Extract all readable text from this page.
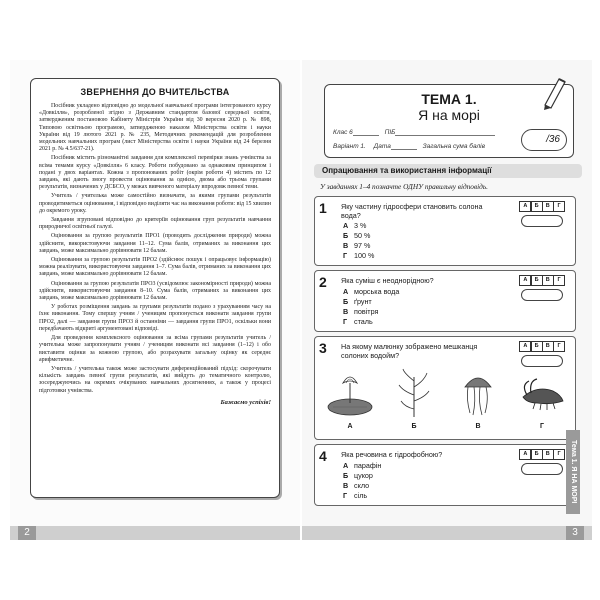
ЗВЕРНЕННЯ ДО ВЧИТЕЛЬСТВА

Посібник укладено відповідно до модельної навчальної програми інтегрованого курсу «Довкілля», розробленої згідно з Державним стандартом базової середньої освіти, затвердженим постановою Кабінету Міністрів України від 30 вересня 2020 р. № 898, Типовою освітньою програмою, затвердженою наказом Міністерства освіти і науки України від 19 лютого 2021 р. № 235, Методичних рекомендацій для розроблення модельних навчальних програм (лист Міністерства освіти і науки України від 24 березня 2021 р. № 4.5/637-21).

Посібник містить різноманітні завдання для комплексної перевірки знань учнівства за всіма темами курсу «Довкілля» 6 класу. Роботи побудовано за однаковим принципом і подані у двох варіантах. Кожна з пропонованих робіт (окрім роботи 4) містить по 12 завдань, які дають змогу провести оцінювання за однією, двома або трьома групами результатів, визначених у ДСБСО, у межах вивченого матеріалу впродовж певної теми.

Учитель / учителька може самостійно визначати, за якими групами результатів проводитиметься оцінювання, і відповідно виділяти час на виконання роботи: від 15 хвилин до окремого уроку.

Завдання згруповані відповідно до критеріїв оцінювання груп результатів навчання природничої освітньої галузі.

Оцінювання за групою результатів ПРО1 (проводить дослідження природи) можна здійснити, використовуючи завдання 11–12. Сума балів, отриманих за виконання цих завдань, може максимально дорівнювати 12 балам.

Оцінювання за групою результатів ПРО2 (здійснює пошук і опрацьовує інформацію) можна реалізувати, використовуючи завдання 1–7. Сума балів, отриманих за виконання цих завдань, може максимально дорівнювати 12 балам.

Оцінювання за групою результатів ПРО3 (усвідомлює закономірності природи) можна здійснити, використовуючи завдання 8–10. Сума балів, отриманих за виконання цих завдань, може максимально дорівнювати 12 балам.

У роботах розміщення завдань за групами результатів подано з урахуванням часу на їхнє виконання. Тому спершу учням / ученицям пропонується виконати завдання групи ПРО2, далі — завдання групи ПРО3 й останніми — завдання групи ПРО1, оскільки вони передбачають відкриті аргументовані відповіді.

Для проведення комплексного оцінювання за всіма групами результатів учитель / учителька може запропонувати учням / ученицям виконати всі завдання (1–12) і обо виставити оцінки за кожною групою, або розрахувати загальну оцінку як середнє арифметичне.

Учитель / учителька також може застосувати диференційований підхід: скорочувати кількість завдань певної групи результатів, які вийдуть до тематичного контролю, зосереджуючись на окремих очікуваних навчальних досягненнях, а також у процесі підготовки учнівства.

Бажаємо успіхів!
2
ТЕМА 1.
Я на морі
Клас 6	ПІБ
Варіант 1. Дата	Загальна сума балів
/36
Опрацювання та використання інформації
У завданнях 1–4 позначте ОДНУ правильну відповідь.
1 Яку частину гідросфери становить солона вода?
А 3 %
Б 50 %
В 97 %
Г 100 %
А	Б	В	Г
2 Яка суміш є неоднорідною?
А морська вода
Б ґрунт
В повітря
Г сталь
А	Б	В	Г
3 На якому малюнку зображено мешканця солоних водойм?
А	Б	В	Г
А	Б	В	Г
4 Яка речовина є гідрофобною?
А парафін
Б цукор
В скло
Г сіль
А	Б	В	Г
3
Тема 1. Я НА МОРІ
